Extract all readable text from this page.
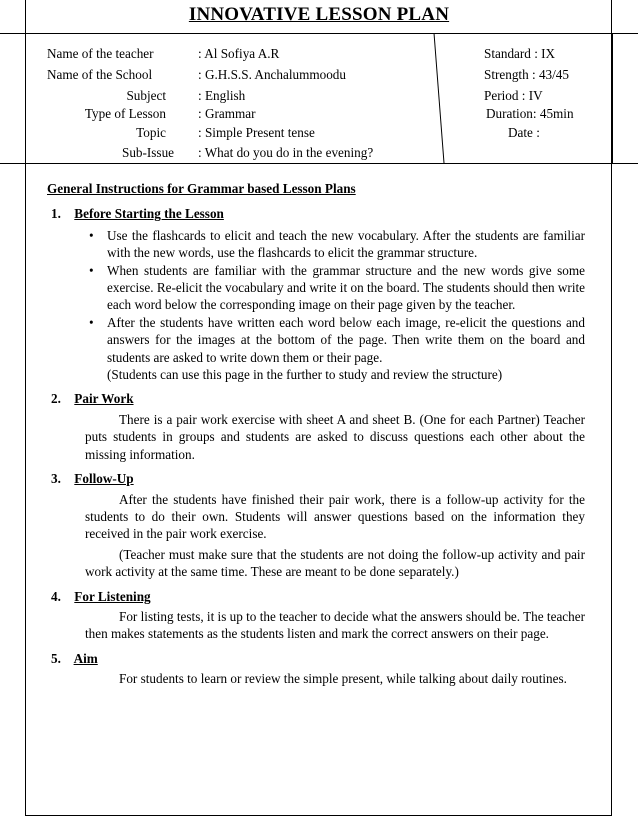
INNOVATIVE LESSON PLAN
Name of the teacher	: Al Sofiya A.R
Name of the School	: G.H.S.S. Anchalummoodu
Subject : English
Type of Lesson : Grammar
Topic : Simple Present tense
Sub-Issue : What do you do in the evening?
Standard : IX
Strength : 43/45
Period : IV
Duration: 45min
Date :
General Instructions for Grammar based Lesson Plans
1. Before Starting the Lesson
• Use the flashcards to elicit and teach the new vocabulary. After the students are familiar with the new words, use the flashcards to elicit the grammar structure.
• When students are familiar with the grammar structure and the new words give some exercise. Re-elicit the vocabulary and write it on the board. The students should then write each word below the corresponding image on their page given by the teacher.
• After the students have written each word below each image, re-elicit the questions and answers for the images at the bottom of the page. Then write them on the board and students are asked to write down them or their page.
(Students can use this page in the further to study and review the structure)
2. Pair Work
There is a pair work exercise with sheet A and sheet B. (One for each Partner) Teacher puts students in groups and students are asked to discuss questions each other about the missing information.
3. Follow-Up
After the students have finished their pair work, there is a follow-up activity for the students to do their own. Students will answer questions based on the information they received in the pair work exercise.
(Teacher must make sure that the students are not doing the follow-up activity and pair work activity at the same time. These are meant to be done separately.)
4. For Listening
For listing tests, it is up to the teacher to decide what the answers should be. The teacher then makes statements as the students listen and mark the correct answers on their page.
5. Aim
For students to learn or review the simple present, while talking about daily routines.
